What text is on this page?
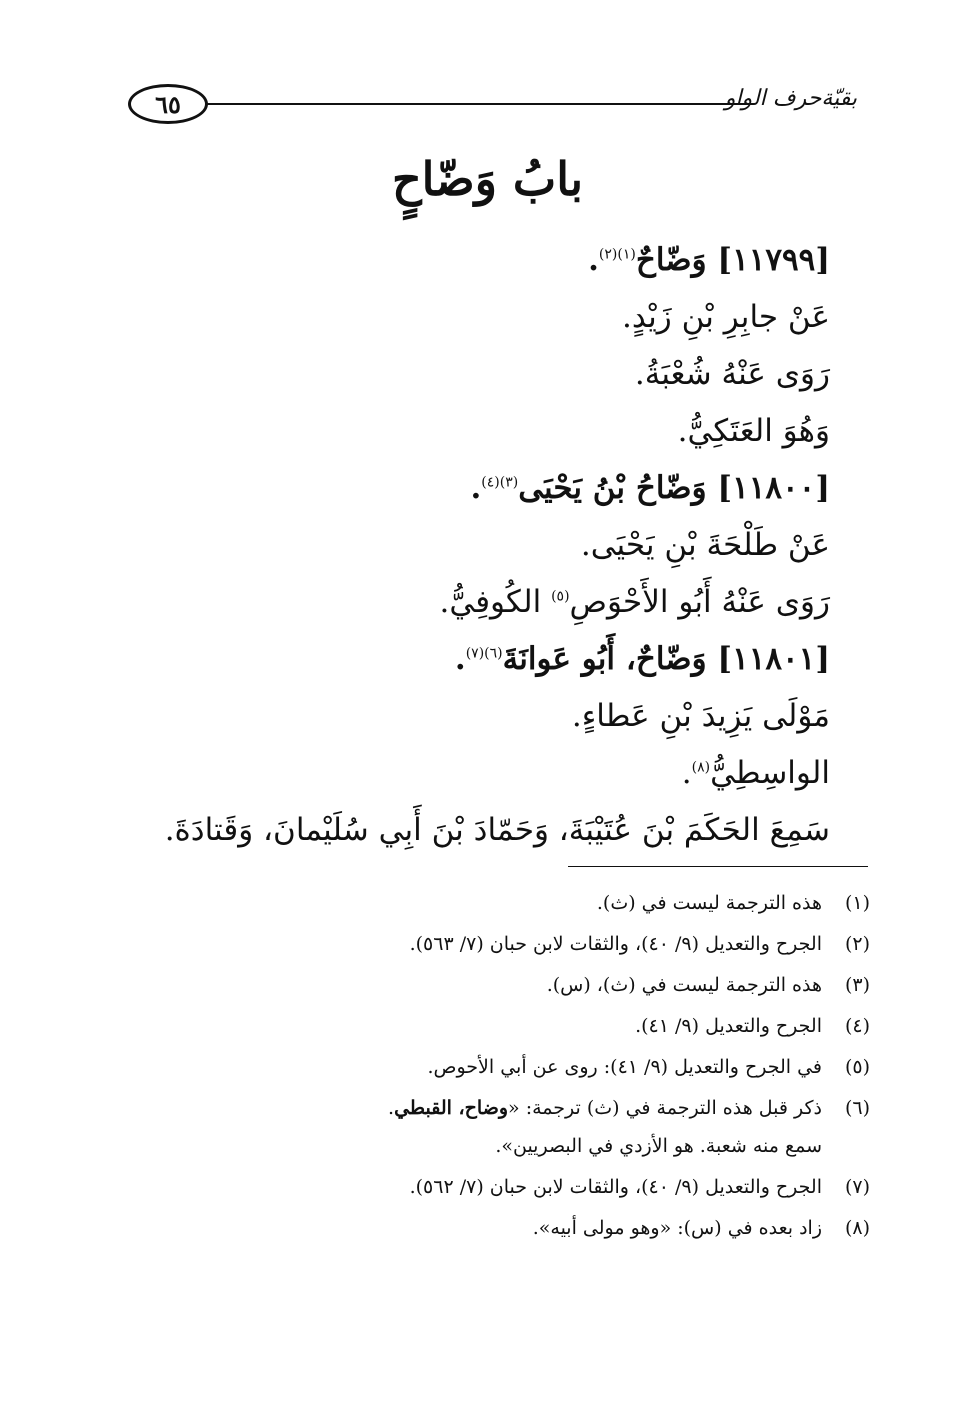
٦٥	بقيّةحرف الواو
بابُ وَضّاحٍ
[١١٧٩٩] وَضّاحٌ$^{(١)(٢)}$.
عَنْ جابِرِ بْنِ زَيْدٍ.
رَوَى عَنْهُ شُعْبَةُ.
وَهُوَ العَتَكِيُّ.
[١١٨٠٠] وَضّاحُ بْنُ يَحْيَى$^{(٣)(٤)}$.
عَنْ طَلْحَةَ بْنِ يَحْيَى.
رَوَى عَنْهُ أَبُو الأَحْوَصِ$^{(٥)}$ الكُوفِيُّ.
[١١٨٠١] وَضّاحٌ، أَبُو عَوانَةَ$^{(٦)(٧)}$.
مَوْلَى يَزِيدَ بْنِ عَطاءٍ.
الواسِطِيُّ$^{(٨)}$.
سَمِعَ الحَكَمَ بْنَ عُتَيْبَةَ، وَحَمّادَ بْنَ أَبِي سُلَيْمانَ، وَقَتادَةَ.
(١)
هذه الترجمة ليست في (ث).
(٢)
الجرح والتعديل (٩/ ٤٠)، والثقات لابن حبان (٧/ ٥٦٣).
(٣)
هذه الترجمة ليست في (ث)، (س).
(٤)
الجرح والتعديل (٩/ ٤١).
(٥)
في الجرح والتعديل (٩/ ٤١): روى عن أبي الأحوص.
(٦)
ذكر قبل هذه الترجمة في (ث) ترجمة: «وضاح، القبطي.
سمع منه شعبة. هو الأزدي في البصريين».
(٧)
الجرح والتعديل (٩/ ٤٠)، والثقات لابن حبان (٧/ ٥٦٢).
(٨)
زاد بعده في (س): «وهو مولى أبيه».
